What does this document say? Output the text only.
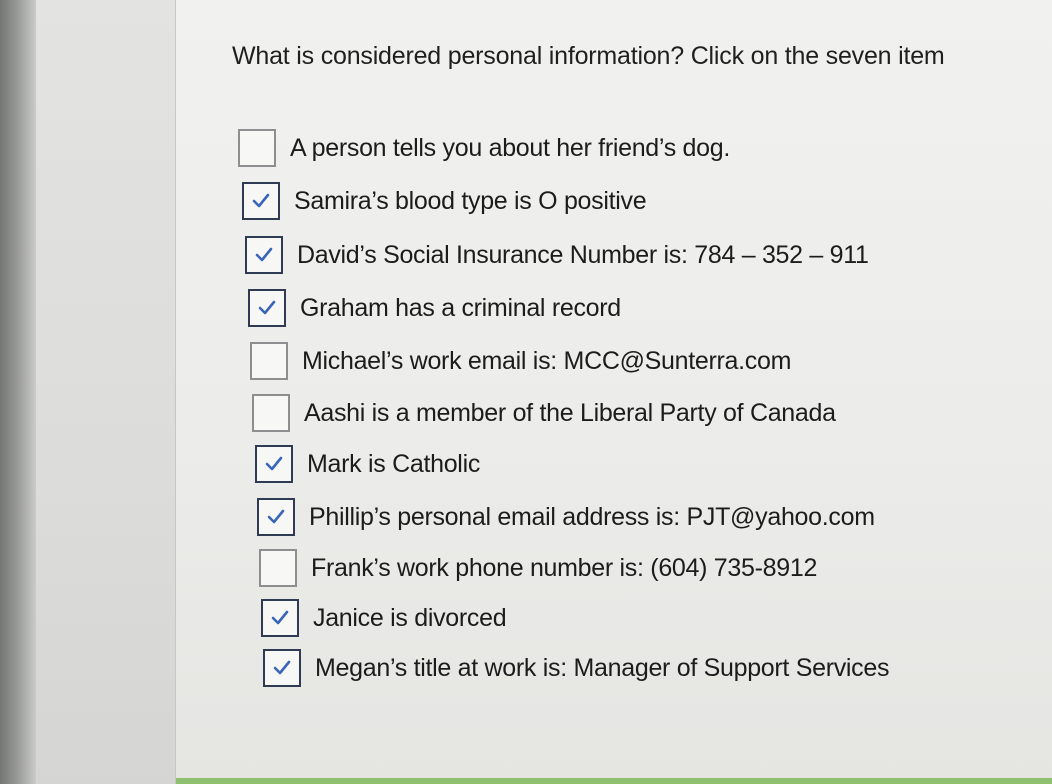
What is considered personal information? Click on the seven item
A person tells you about her friend’s dog.
Samira’s blood type is O positive
David’s Social Insurance Number is: 784 – 352 – 911
Graham has a criminal record
Michael’s work email is: MCC@Sunterra.com
Aashi is a member of the Liberal Party of Canada
Mark is Catholic
Phillip’s personal email address is: PJT@yahoo.com
Frank’s work phone number is: (604) 735-8912
Janice is divorced
Megan’s title at work is: Manager of Support Services
